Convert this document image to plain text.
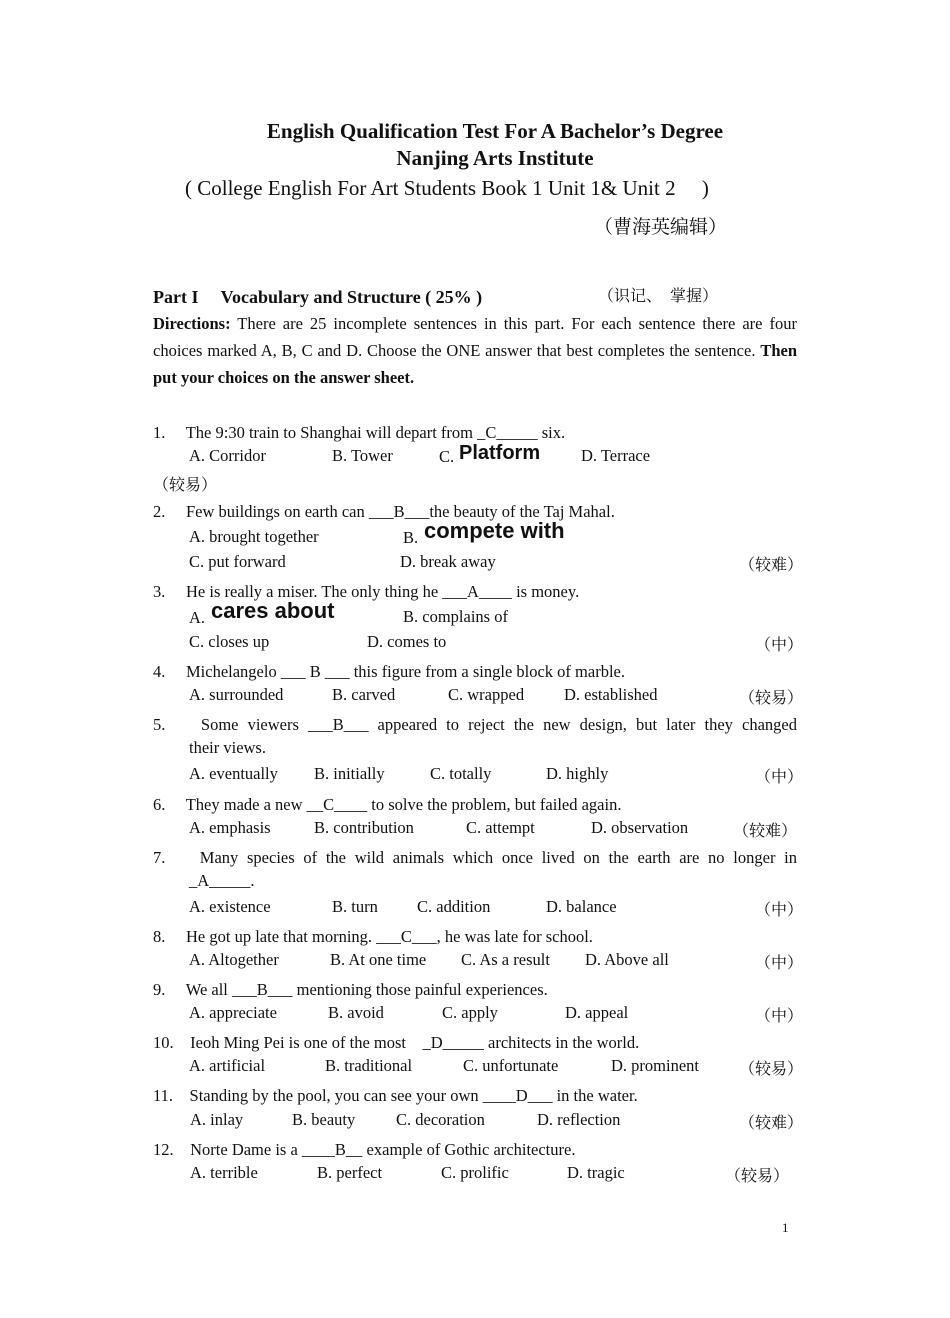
English Qualification Test For A Bachelor’s Degree
Nanjing Arts Institute
( College English For Art Students Book 1 Unit 1& Unit 2　 )
（曹海英编辑）
Part I　 Vocabulary and Structure ( 25% )	（识记、　掌握）
Directions: There are 25 incomplete sentences in this part. For each sentence there are four choices marked A, B, C and D. Choose the ONE answer that best completes the sentence. Then put your choices on the answer sheet.
1.　 The 9:30 train to Shanghai will depart from _C_____ six.
A. Corridor	B. Tower	C. Platform D. Terrace
（较易）
2.　 Few buildings on earth can ___B___the beauty of the Taj Mahal.
A. brought together	B. compete with
C. put forward	D. break away	（较难）
3.　 He is really a miser. The only thing he ___A____ is money.
A. cares about	B. complains of
C. closes up	D. comes to	（中）
4.　 Michelangelo ___ B ___ this figure from a single block of marble.
A. surrounded	B. carved	C. wrapped D. established	（较易）
5.　 Some viewers ___B___ appeared to reject the new design, but later they changed
their views.
A. eventually B. initially	C. totally	D. highly	（中）
6.　 They made a new __C____ to solve the problem, but failed again.
A. emphasis	B. contribution	C. attempt	D. observation	（较难）
7.　 Many species of the wild animals which once lived on the earth are no longer in
_A_____.
A. existence	B. turn C. addition	D. balance	（中）
8.　 He got up late that morning. ___C___, he was late for school.
A. Altogether	B. At one time C. As a result D. Above all	（中）
9.　 We all ___B___ mentioning those painful experiences.
A. appreciate	B. avoid	C. apply	D. appeal	（中）
10.　Ieoh Ming Pei is one of the most　_D_____ architects in the world.
A. artificial	B. traditional	C. unfortunate	D. prominent	（较易）
11.　Standing by the pool, you can see your own ____D___ in the water.
A. inlay	B. beauty C. decoration	D. reflection	（较难）
12.　Norte Dame is a ____B__ example of Gothic architecture.
A. terrible	B. perfect	C. prolific	D. tragic	（较易）
1
